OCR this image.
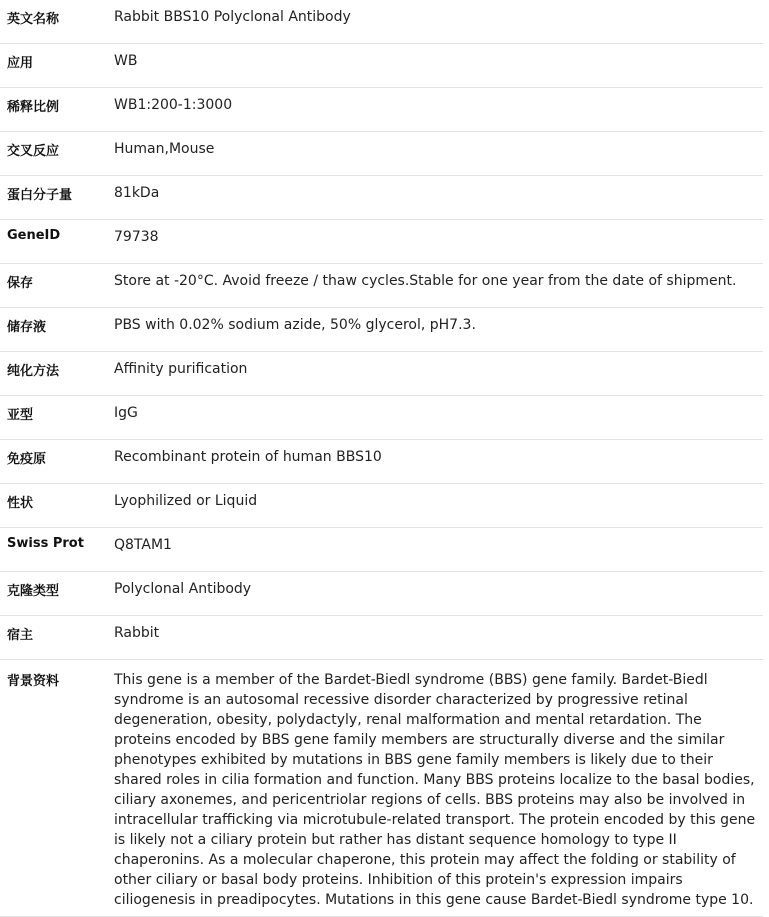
英文名称	Rabbit BBS10 Polyclonal Antibody
应用	WB
稀释比例	WB1:200-1:3000
交叉反应	Human,Mouse
蛋白分子量	81kDa
GeneID	79738
保存	Store at -20°C. Avoid freeze / thaw cycles.Stable for one year from the date of shipment.
储存液	PBS with 0.02% sodium azide, 50% glycerol, pH7.3.
纯化方法	Affinity purification
亚型	IgG
免疫原	Recombinant protein of human BBS10
性状	Lyophilized or Liquid
Swiss Prot	Q8TAM1
克隆类型	Polyclonal Antibody
宿主	Rabbit
背景资料	This gene is a member of the Bardet-Biedl syndrome (BBS) gene family. Bardet-Biedl syndrome is an autosomal recessive disorder characterized by progressive retinal degeneration, obesity, polydactyly, renal malformation and mental retardation. The proteins encoded by BBS gene family members are structurally diverse and the similar phenotypes exhibited by mutations in BBS gene family members is likely due to their shared roles in cilia formation and function. Many BBS proteins localize to the basal bodies, ciliary axonemes, and pericentriolar regions of cells. BBS proteins may also be involved in intracellular trafficking via microtubule-related transport. The protein encoded by this gene is likely not a ciliary protein but rather has distant sequence homology to type II chaperonins. As a molecular chaperone, this protein may affect the folding or stability of other ciliary or basal body proteins. Inhibition of this protein's expression impairs ciliogenesis in preadipocytes. Mutations in this gene cause Bardet-Biedl syndrome type 10.
